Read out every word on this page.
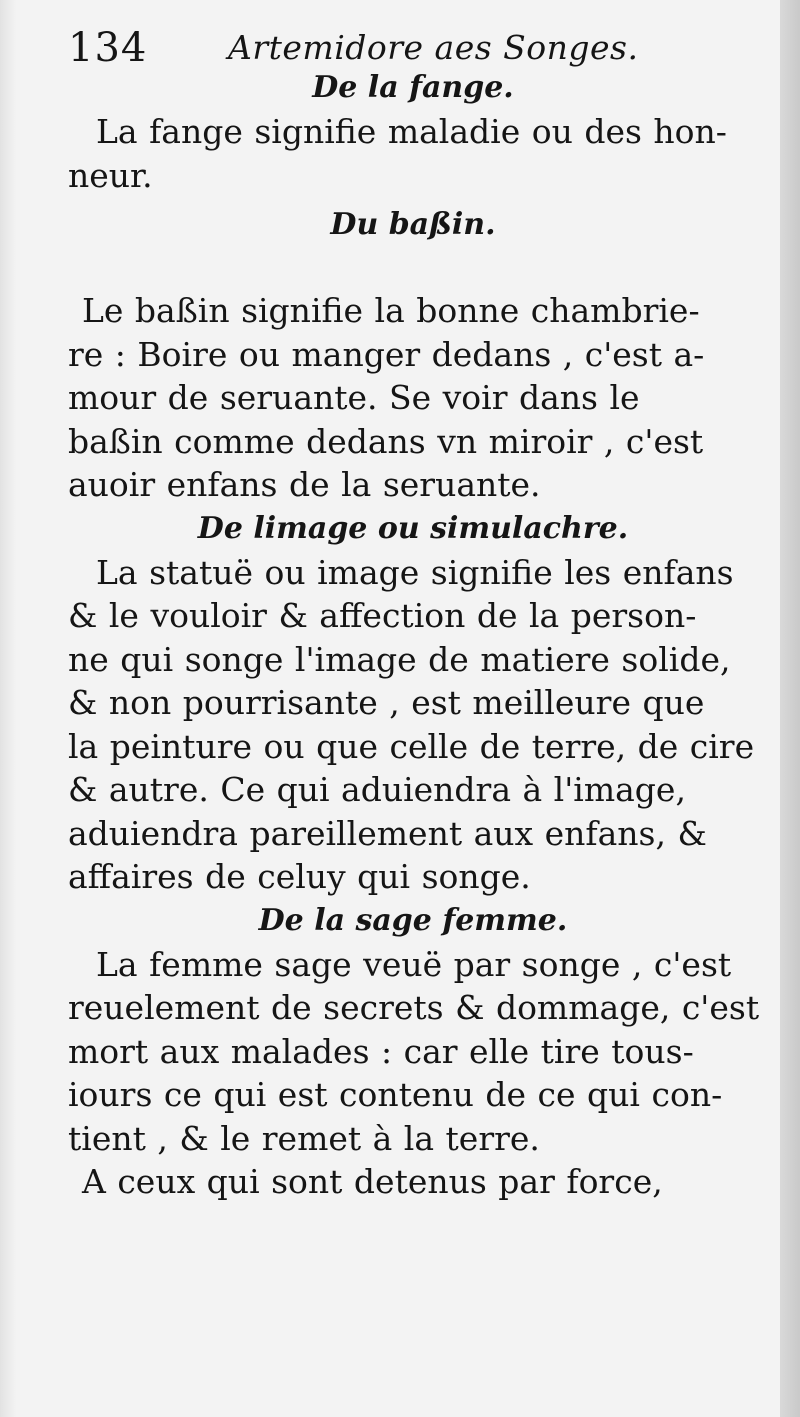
134 Artemidore aes Songes.

De la fange.

La fange signifie maladie ou des hon-
neur.

Du baßin.

Le baßin signifie la bonne chambrie-
re : Boire ou manger dedans , c'est a-
mour de seruante. Se voir dans le
baßin comme dedans vn miroir , c'est
auoir enfans de la seruante.

De limage ou simulachre.

La statuë ou image signifie les enfans
& le vouloir & affection de la person-
ne qui songe l'image de matiere solide,
& non pourrisante , est meilleure que
la peinture ou que celle de terre, de cire
& autre. Ce qui aduiendra à l'image,
aduiendra pareillement aux enfans, &
affaires de celuy qui songe.

De la sage femme.

La femme sage veuë par songe , c'est
reuelement de secrets & dommage, c'est
mort aux malades : car elle tire tous-
iours ce qui est contenu de ce qui con-
tient , & le remet à la terre.
A ceux qui sont detenus par force,
